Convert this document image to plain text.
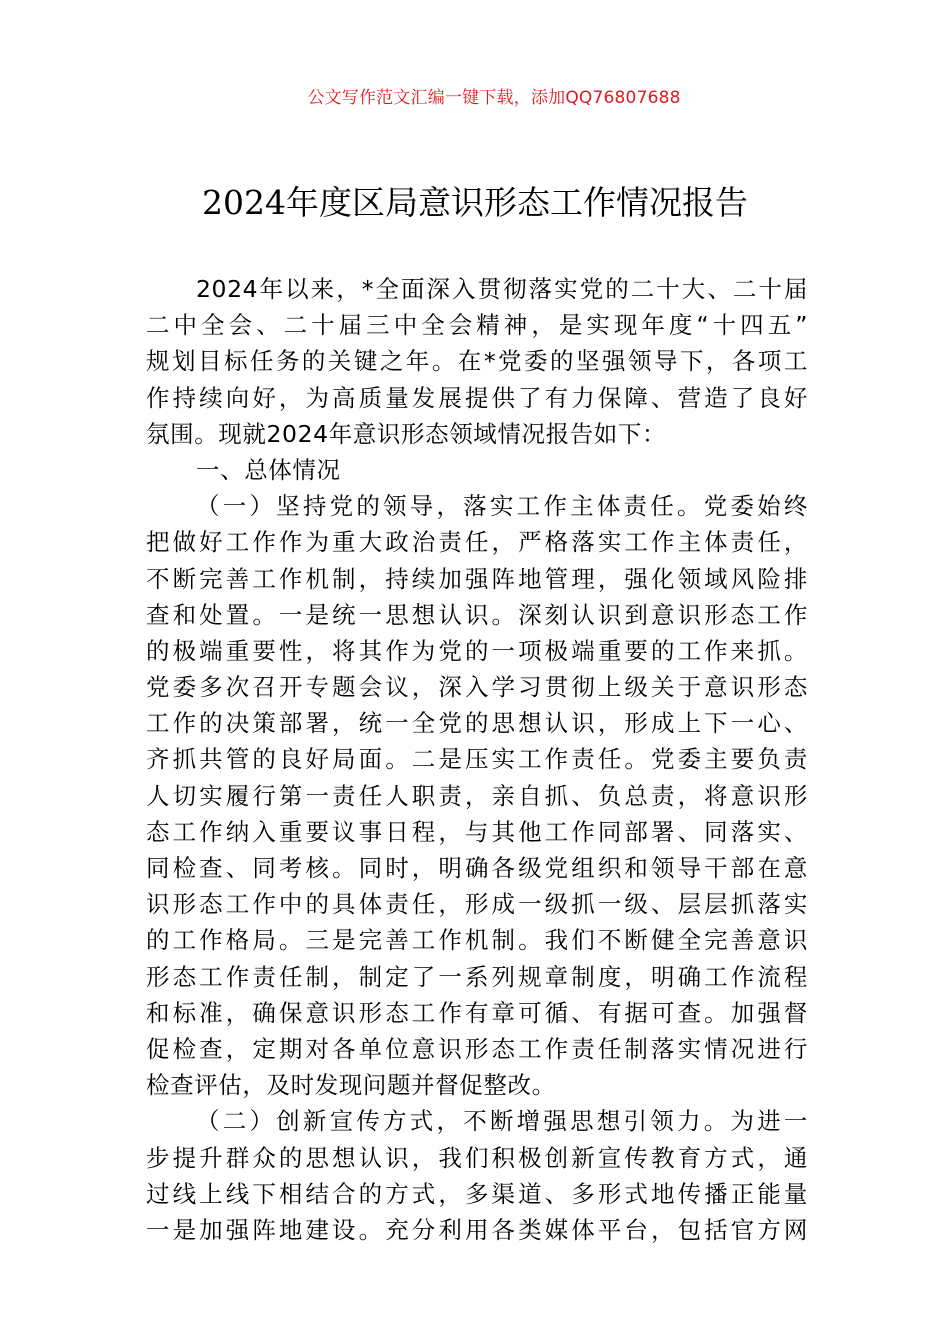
公文写作范文汇编一键下载，添加QQ76807688
2024年度区局意识形态工作情况报告
2024年以来，*全面深入贯彻落实党的二十大、二十届
二中全会、二十届三中全会精神，是实现年度“十四五”
规划目标任务的关键之年。在*党委的坚强领导下，各项工
作持续向好，为高质量发展提供了有力保障、营造了良好
氛围。现就2024年意识形态领域情况报告如下：
一、总体情况
（一）坚持党的领导，落实工作主体责任。党委始终
把做好工作作为重大政治责任，严格落实工作主体责任，
不断完善工作机制，持续加强阵地管理，强化领域风险排
查和处置。一是统一思想认识。深刻认识到意识形态工作
的极端重要性，将其作为党的一项极端重要的工作来抓。
党委多次召开专题会议，深入学习贯彻上级关于意识形态
工作的决策部署，统一全党的思想认识，形成上下一心、
齐抓共管的良好局面。二是压实工作责任。党委主要负责
人切实履行第一责任人职责，亲自抓、负总责，将意识形
态工作纳入重要议事日程，与其他工作同部署、同落实、
同检查、同考核。同时，明确各级党组织和领导干部在意
识形态工作中的具体责任，形成一级抓一级、层层抓落实
的工作格局。三是完善工作机制。我们不断健全完善意识
形态工作责任制，制定了一系列规章制度，明确工作流程
和标准，确保意识形态工作有章可循、有据可查。加强督
促检查，定期对各单位意识形态工作责任制落实情况进行
检查评估，及时发现问题并督促整改。
（二）创新宣传方式，不断增强思想引领力。为进一
步提升群众的思想认识，我们积极创新宣传教育方式，通
过线上线下相结合的方式，多渠道、多形式地传播正能量
一是加强阵地建设。充分利用各类媒体平台，包括官方网
